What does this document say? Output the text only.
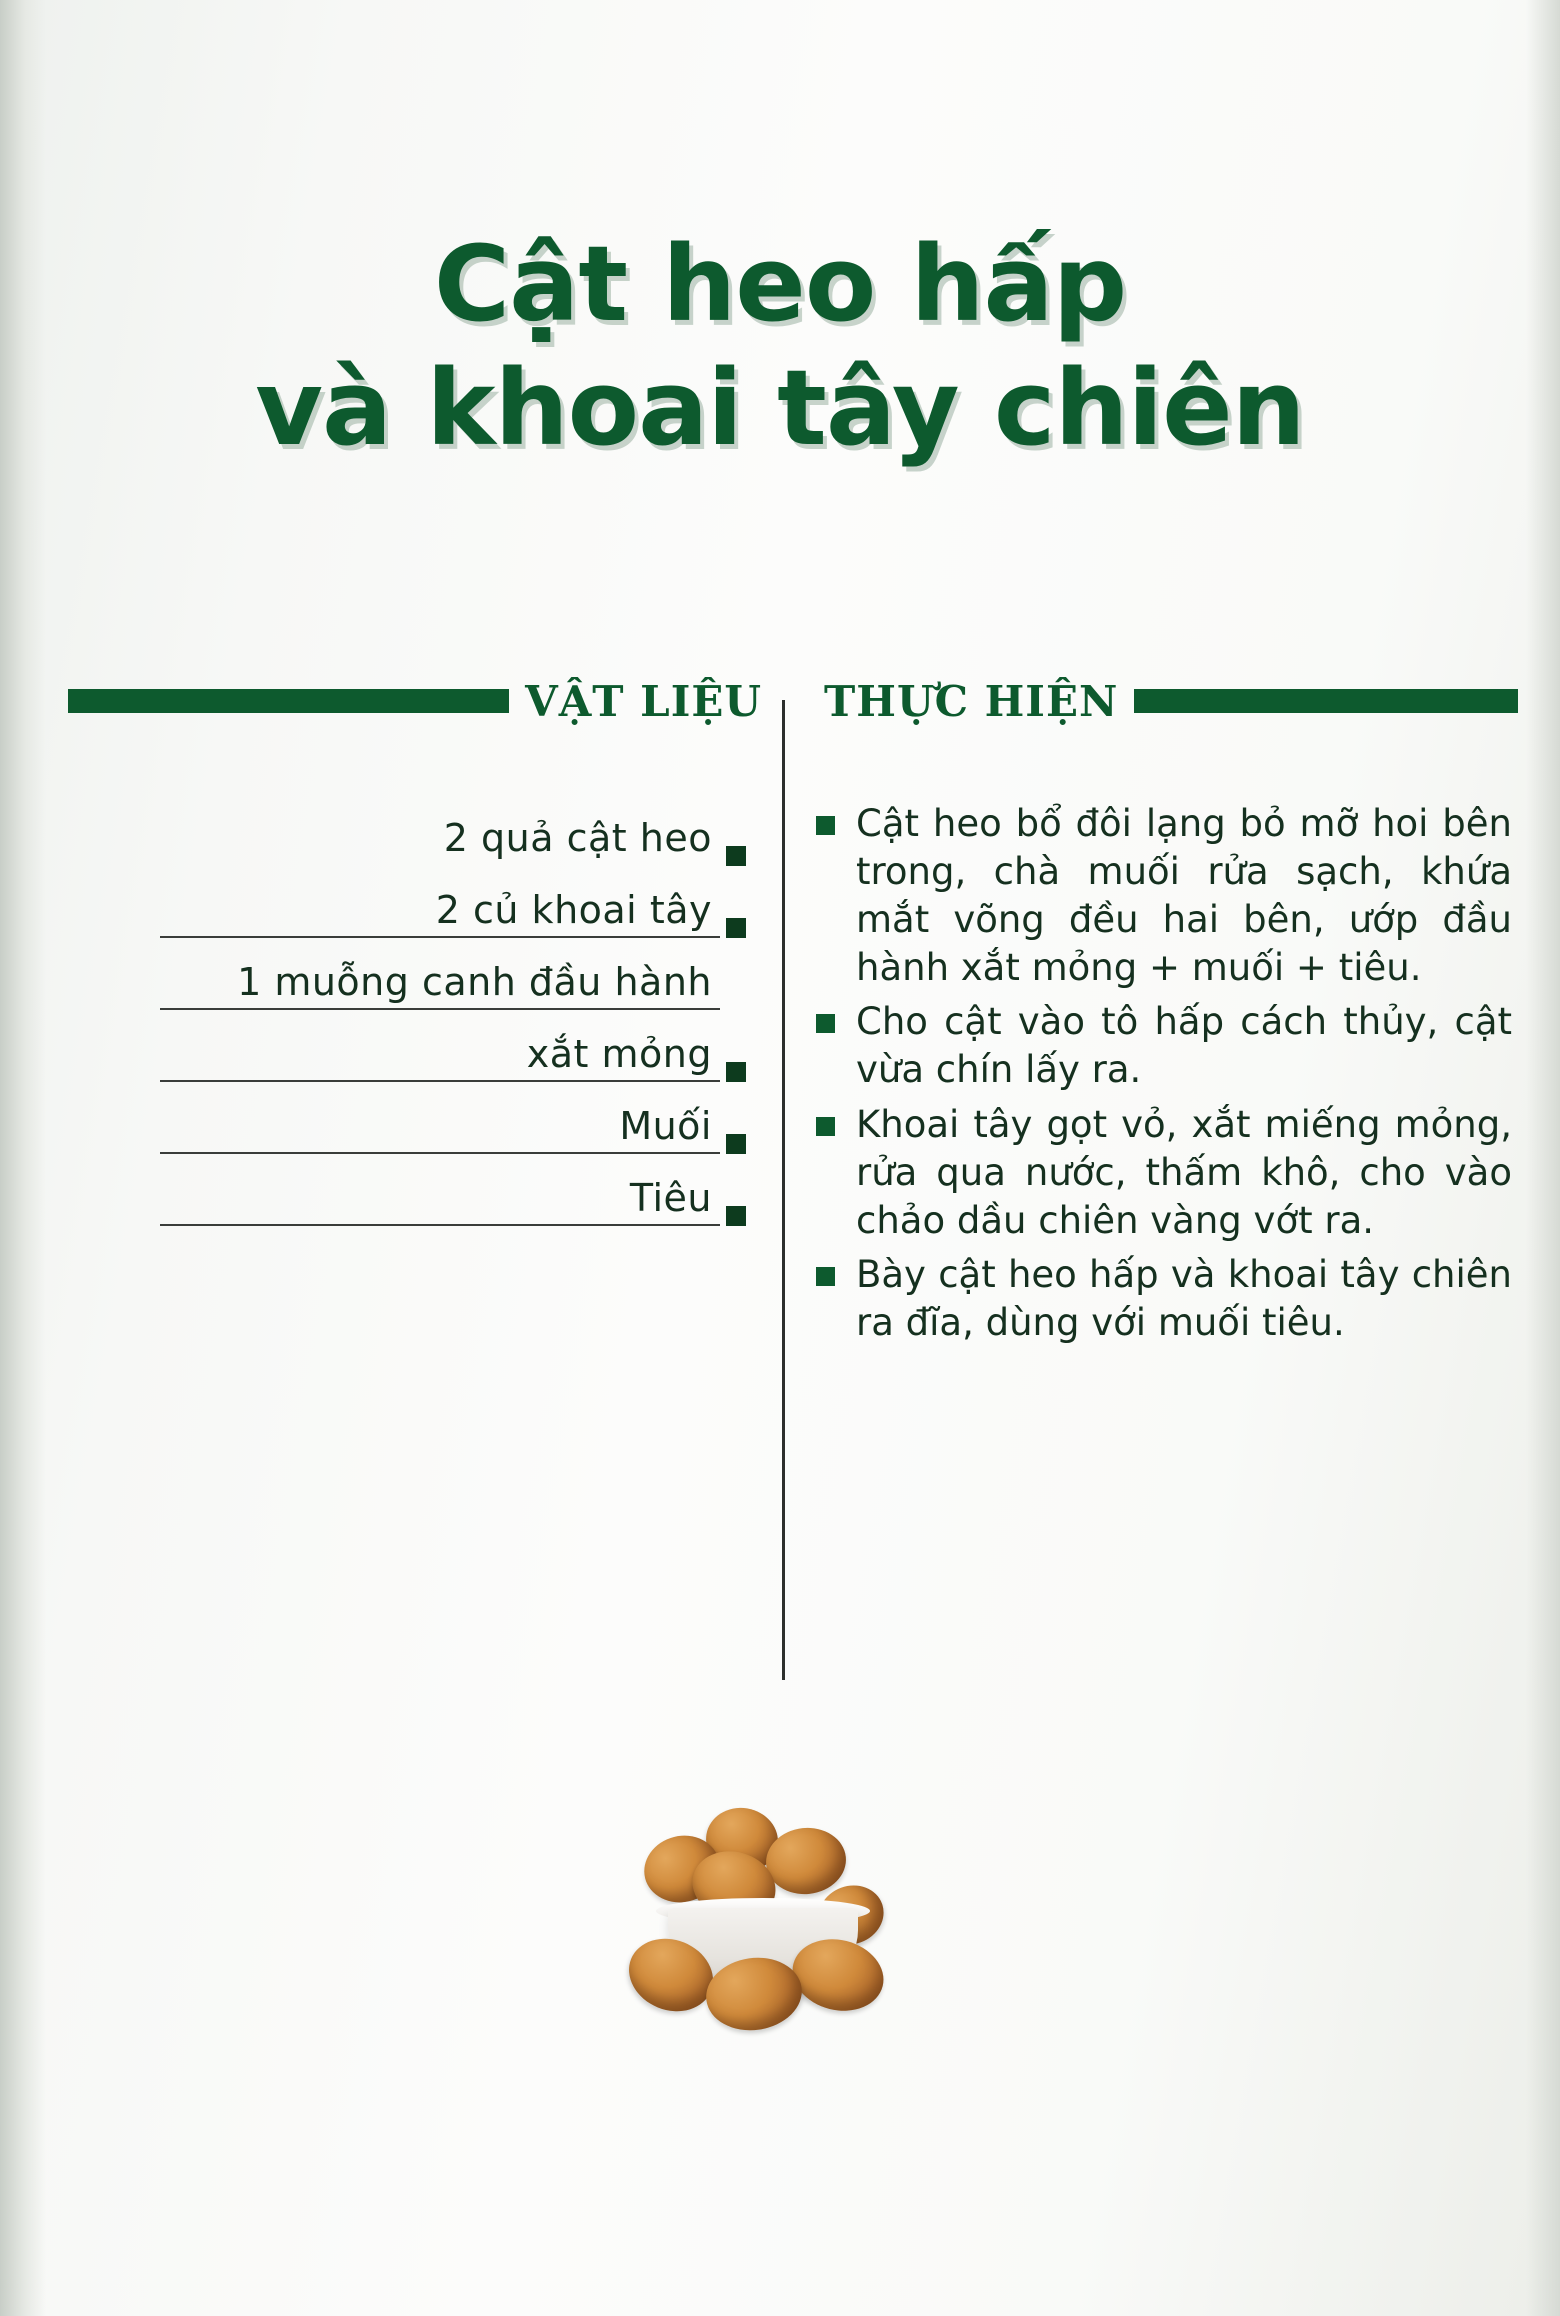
Cật heo hấp
và khoai tây chiên
VẬT LIỆU	THỰC HIỆN
2 quả cật heo
2 củ khoai tây
1 muỗng canh đầu hành
xắt mỏng
Muối
Tiêu
Cật heo bổ đôi lạng bỏ mỡ hoi bên trong, chà muối rửa sạch, khứa mắt võng đều hai bên, ướp đầu hành xắt mỏng + muối + tiêu.
Cho cật vào tô hấp cách thủy, cật vừa chín lấy ra.
Khoai tây gọt vỏ, xắt miếng mỏng, rửa qua nước, thấm khô, cho vào chảo dầu chiên vàng vớt ra.
Bày cật heo hấp và khoai tây chiên ra đĩa, dùng với muối tiêu.
